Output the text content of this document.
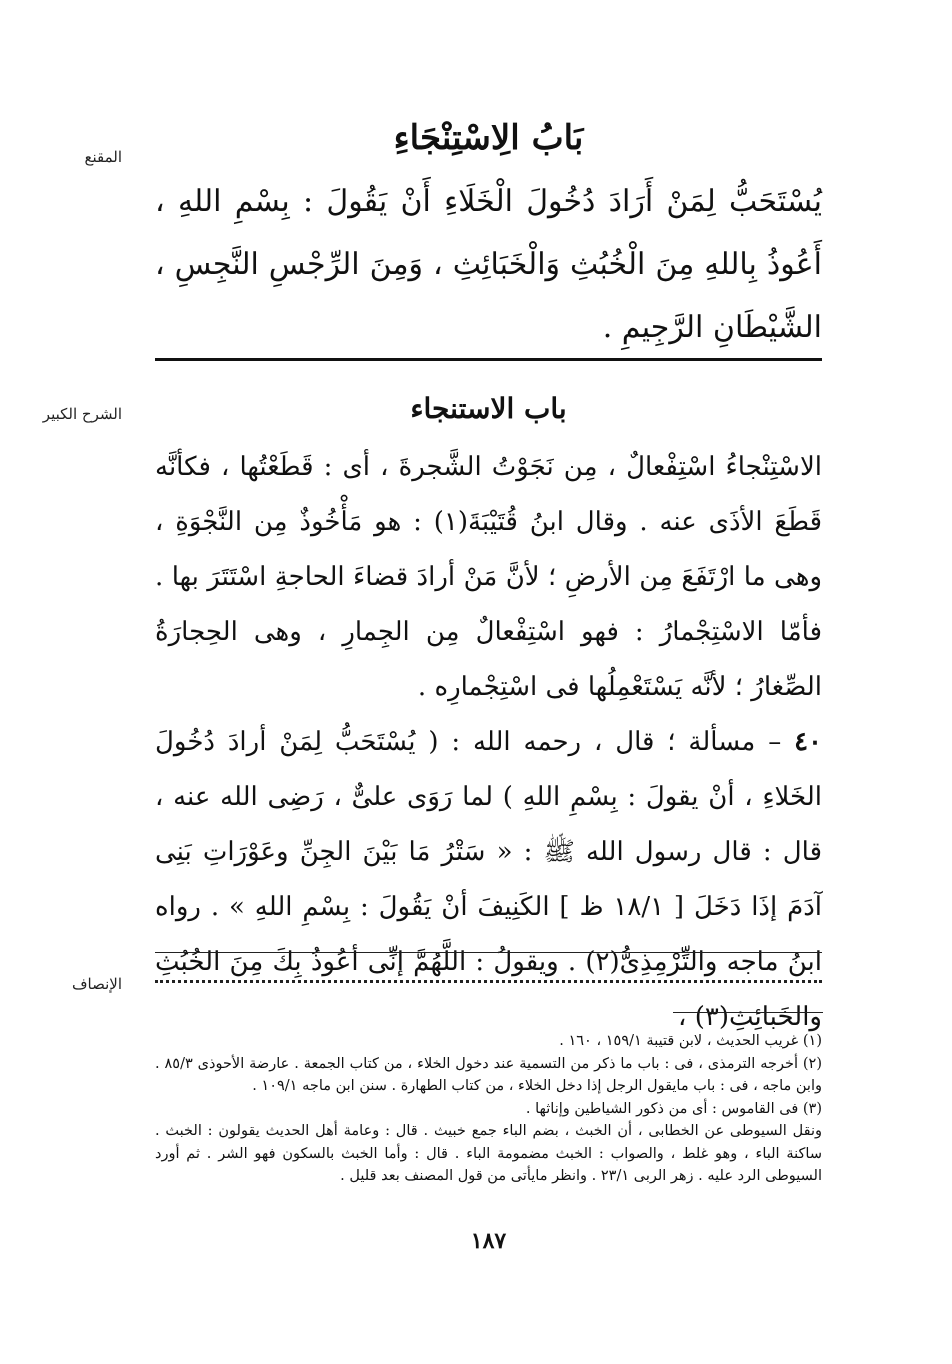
المقنع
الشرح الكبير
الإنصاف
بَابُ الِاسْتِنْجَاءِ

يُسْتَحَبُّ لِمَنْ أَرَادَ دُخُولَ الْخَلَاءِ أَنْ يَقُولَ : بِسْمِ اللهِ ، أَعُوذُ بِاللهِ مِنَ الْخُبُثِ وَالْخَبَائِثِ ، وَمِنَ الرِّجْسِ النَّجِسِ ، الشَّيْطَانِ الرَّجِيمِ .

باب الاستنجاء

الاسْتِنْجاءُ اسْتِفْعالٌ ، مِن نَجَوْتُ الشَّجرةَ ، أى : قَطَعْتُها ، فكأنَّه قَطَعَ الأذَى عنه . وقال ابنُ قُتَيْبَةَ(١) : هو مَأْخُوذٌ مِن النَّجْوَةِ ، وهى ما ارْتَفَعَ مِن الأرضِ ؛ لأنَّ مَنْ أرادَ قضاءَ الحاجةِ اسْتَتَرَ بها . فأمّا الاسْتِجْمارُ : فهو اسْتِفْعالٌ مِن الجِمارِ ، وهى الحِجارَةُ الصِّغارُ ؛ لأنَّه يَسْتَعْمِلُها فى اسْتِجْمارِه .

٤٠ – مسألة ؛ قال ، رحمه الله : ( يُسْتَحَبُّ لِمَنْ أرادَ دُخُولَ الخَلاءِ ، أنْ يقولَ : بِسْمِ اللهِ ) لما رَوَى علىٌّ ، رَضِى الله عنه ، قال : قال رسول الله ﷺ : « سَتْرُ مَا بَيْنَ الجِنِّ وعَوْرَاتِ بَنِى آدَمَ إذَا دَخَلَ [ ١٨/١ ظ ] الكَنِيفَ أنْ يَقُولَ : بِسْمِ اللهِ » . رواه ابنُ ماجه والتِّرْمِذِىُّ(٢) . ويقولُ : اللَّهُمَّ إنِّى أعُوذُ بِكَ مِنَ الخُبُثِ والخَبائِثِ(٣) ،

(١) غريب الحديث ، لابن قتيبة ١٥٩/١ ، ١٦٠ .

(٢) أخرجه الترمذى ، فى : باب ما ذكر من التسمية عند دخول الخلاء ، من كتاب الجمعة . عارضة الأحوذى ٨٥/٣ . وابن ماجه ، فى : باب مايقول الرجل إذا دخل الخلاء ، من كتاب الطهارة . سنن ابن ماجه ١٠٩/١ .

(٣) فى القاموس : أى من ذكور الشياطين وإناثها .

ونقل السيوطى عن الخطابى ، أن الخبث ، بضم الباء جمع خبيث . قال : وعامة أهل الحديث يقولون : الخبث . ساكنة الباء ، وهو غلط ، والصواب : الخبث مضمومة الباء . قال : وأما الخبث بالسكون فهو الشر . ثم أورد السيوطى الرد عليه . زهر الربى ٢٣/١ . وانظر مايأتى من قول المصنف بعد قليل .

١٨٧
